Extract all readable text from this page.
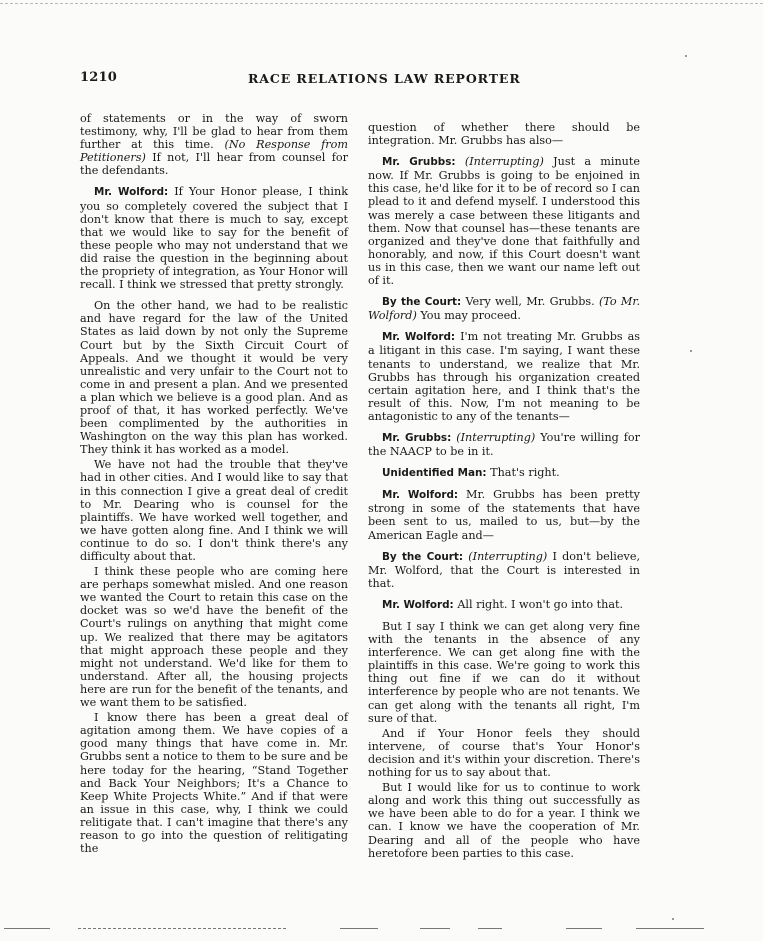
1210	RACE RELATIONS LAW REPORTER

of statements or in the way of sworn testimony, why, I'll be glad to hear from them further at this time. (No Response from Petitioners) If not, I'll hear from counsel for the defendants.

Mr. Wolford: If Your Honor please, I think you so completely covered the subject that I don't know that there is much to say, except that we would like to say for the benefit of these people who may not understand that we did raise the question in the beginning about the propriety of integration, as Your Honor will recall. I think we stressed that pretty strongly.

On the other hand, we had to be realistic and have regard for the law of the United States as laid down by not only the Supreme Court but by the Sixth Circuit Court of Appeals. And we thought it would be very unrealistic and very unfair to the Court not to come in and present a plan. And we presented a plan which we believe is a good plan. And as proof of that, it has worked perfectly. We've been complimented by the authorities in Washington on the way this plan has worked. They think it has worked as a model.

We have not had the trouble that they've had in other cities. And I would like to say that in this connection I give a great deal of credit to Mr. Dearing who is counsel for the plaintiffs. We have worked well together, and we have gotten along fine. And I think we will continue to do so. I don't think there's any difficulty about that.

I think these people who are coming here are perhaps somewhat misled. And one reason we wanted the Court to retain this case on the docket was so we'd have the benefit of the Court's rulings on anything that might come up. We realized that there may be agitators that might approach these people and they might not understand. We'd like for them to understand. After all, the housing projects here are run for the benefit of the tenants, and we want them to be satisfied.

I know there has been a great deal of agitation among them. We have copies of a good many things that have come in. Mr. Grubbs sent a notice to them to be sure and be here today for the hearing, “Stand Together and Back Your Neighbors; It's a Chance to Keep White Projects White.” And if that were an issue in this case, why, I think we could relitigate that. I can't imagine that there's any reason to go into the question of relitigating the

question of whether there should be integration. Mr. Grubbs has also—

Mr. Grubbs: (Interrupting) Just a minute now. If Mr. Grubbs is going to be enjoined in this case, he'd like for it to be of record so I can plead to it and defend myself. I understood this was merely a case between these litigants and them. Now that counsel has—these tenants are organized and they've done that faithfully and honorably, and now, if this Court doesn't want us in this case, then we want our name left out of it.

By the Court: Very well, Mr. Grubbs. (To Mr. Wolford) You may proceed.

Mr. Wolford: I'm not treating Mr. Grubbs as a litigant in this case. I'm saying, I want these tenants to understand, we realize that Mr. Grubbs has through his organization created certain agitation here, and I think that's the result of this. Now, I'm not meaning to be antagonistic to any of the tenants—

Mr. Grubbs: (Interrupting) You're willing for the NAACP to be in it.

Unidentified Man: That's right.

Mr. Wolford: Mr. Grubbs has been pretty strong in some of the statements that have been sent to us, mailed to us, but—by the American Eagle and—

By the Court: (Interrupting) I don't believe, Mr. Wolford, that the Court is interested in that.

Mr. Wolford: All right. I won't go into that.

But I say I think we can get along very fine with the tenants in the absence of any interference. We can get along fine with the plaintiffs in this case. We're going to work this thing out fine if we can do it without interference by people who are not tenants. We can get along with the tenants all right, I'm sure of that.

And if Your Honor feels they should intervene, of course that's Your Honor's decision and it's within your discretion. There's nothing for us to say about that.

But I would like for us to continue to work along and work this thing out successfully as we have been able to do for a year. I think we can. I know we have the cooperation of Mr. Dearing and all of the people who have heretofore been parties to this case.
